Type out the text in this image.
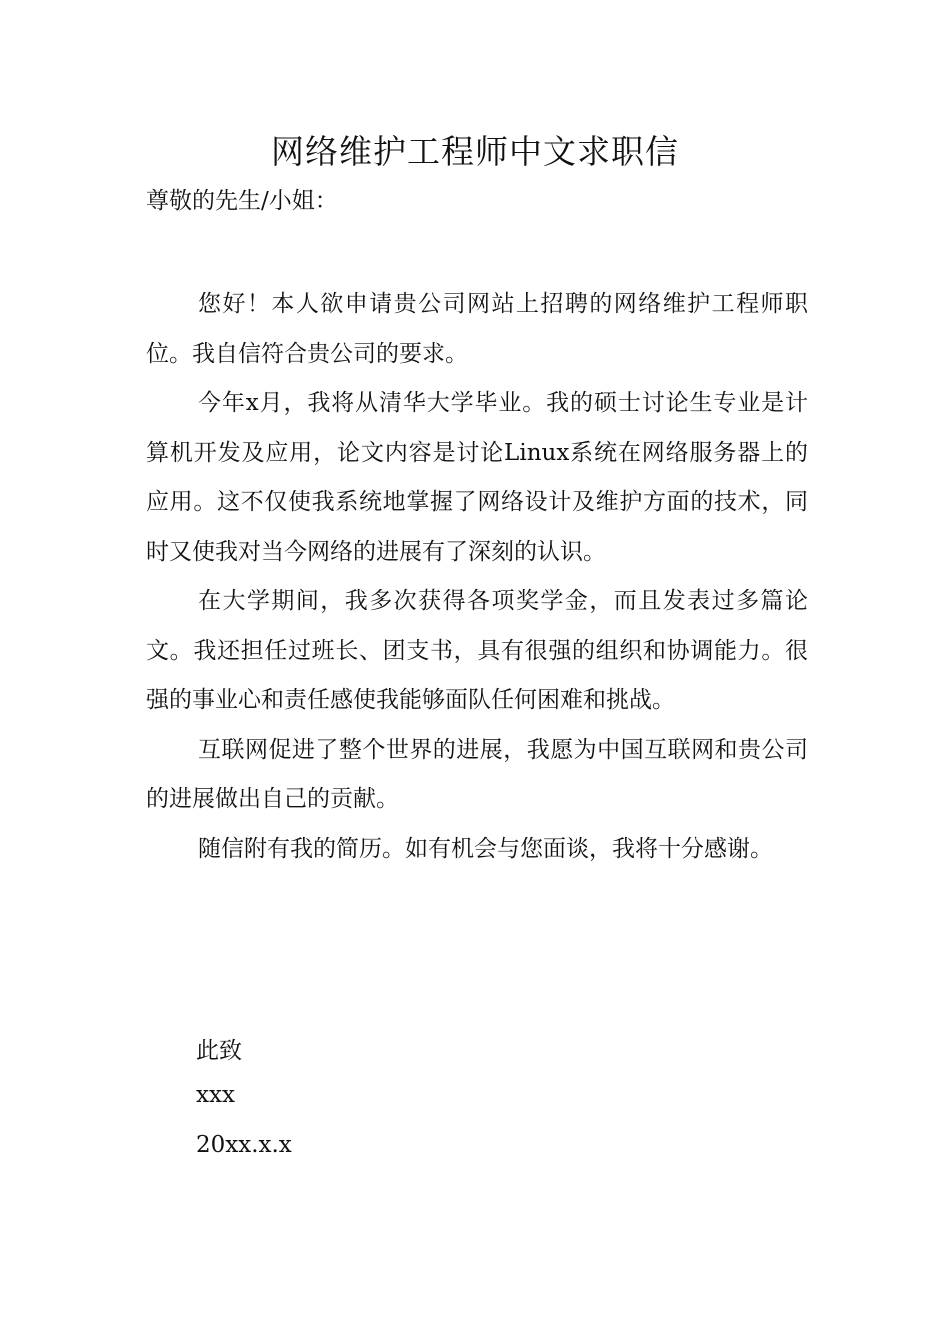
网络维护工程师中文求职信

尊敬的先生/小姐：

您好！本人欲申请贵公司网站上招聘的网络维护工程师职位。我自信符合贵公司的要求。

今年x月，我将从清华大学毕业。我的硕士讨论生专业是计算机开发及应用，论文内容是讨论Linux系统在网络服务器上的应用。这不仅使我系统地掌握了网络设计及维护方面的技术，同时又使我对当今网络的进展有了深刻的认识。

在大学期间，我多次获得各项奖学金，而且发表过多篇论文。我还担任过班长、团支书，具有很强的组织和协调能力。很强的事业心和责任感使我能够面队任何困难和挑战。

互联网促进了整个世界的进展，我愿为中国互联网和贵公司的进展做出自己的贡献。

随信附有我的简历。如有机会与您面谈，我将十分感谢。

此致

xxx

20xx.x.x
